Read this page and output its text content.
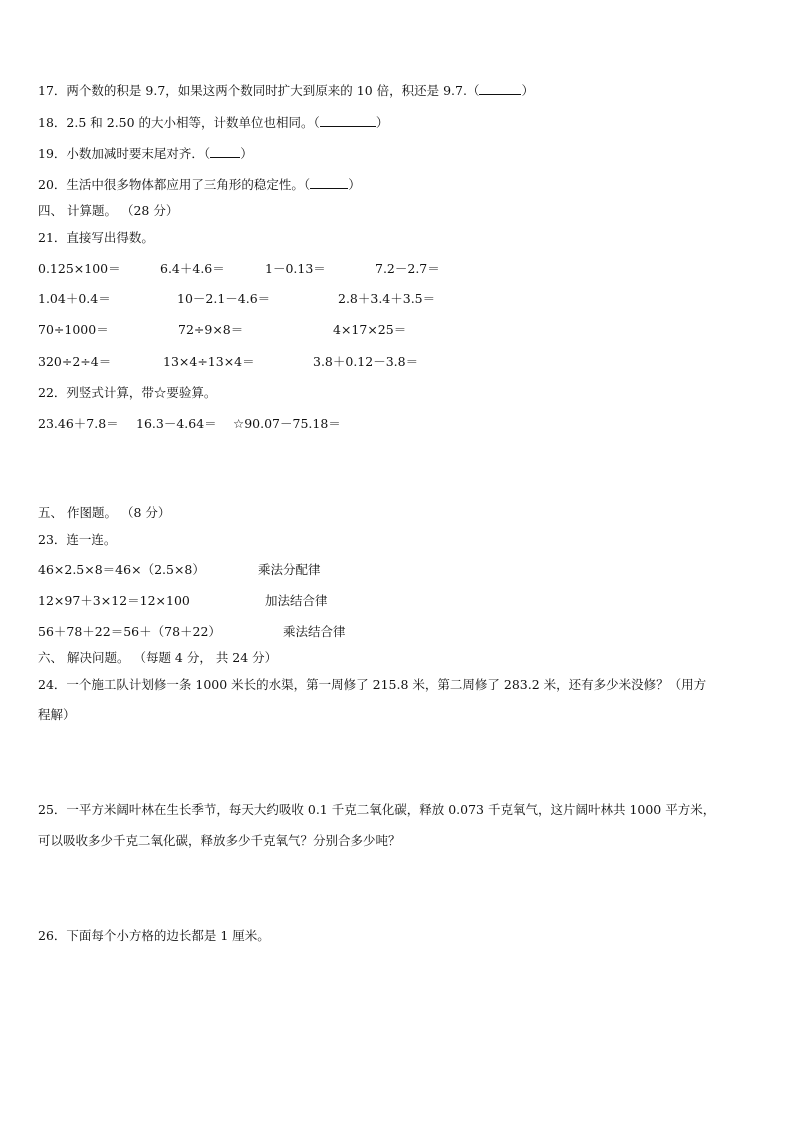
17．两个数的积是 9.7，如果这两个数同时扩大到原来的 10 倍，积还是 9.7.（	）
18．2.5 和 2.50 的大小相等，计数单位也相同。（	）
19．小数加减时要末尾对齐．（ ）
20．生活中很多物体都应用了三角形的稳定性。（	）
四、 计算题。 （28 分）
21．直接写出得数。
0.125×100＝	6.4＋4.6＝	1－0.13＝	7.2－2.7＝
1.04＋0.4＝	10－2.1－4.6＝	2.8＋3.4＋3.5＝
70÷1000＝	72÷9×8＝	4×17×25＝
320÷2÷4＝	13×4÷13×4＝	3.8＋0.12－3.8＝
22．列竖式计算，带☆要验算。
23.46＋7.8＝ 16.3－4.64＝ ☆90.07－75.18＝
五、 作图题。 （8 分）
23．连一连。
46×2.5×8＝46×（2.5×8）	乘法分配律
12×97＋3×12＝12×100	加法结合律
56＋78＋22＝56＋（78＋22）	乘法结合律
六、 解决问题。 （每题 4 分， 共 24 分）
24．一个施工队计划修一条 1000 米长的水渠，第一周修了 215.8 米，第二周修了 283.2 米，还有多少米没修？（用方
程解）
25．一平方米阔叶林在生长季节，每天大约吸收 0.1 千克二氧化碳，释放 0.073 千克氧气，这片阔叶林共 1000 平方米，
可以吸收多少千克二氧化碳，释放多少千克氧气？分别合多少吨？
26．下面每个小方格的边长都是 1 厘米。
